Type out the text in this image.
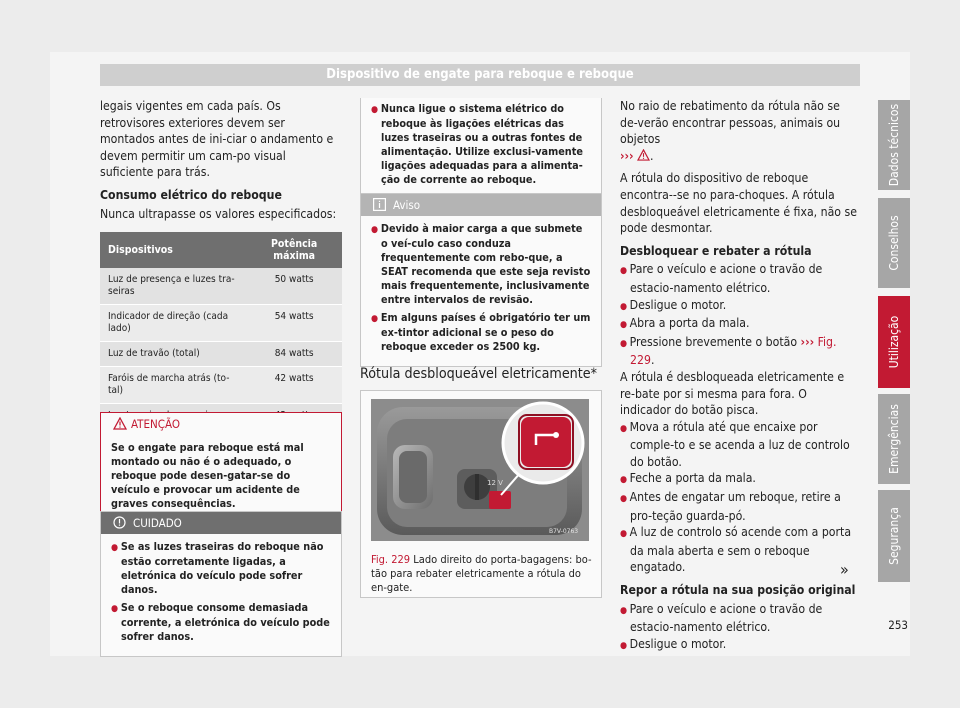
Dispositivo de engate para reboque e reboque

legais vigentes em cada país. Os retrovisores exteriores devem ser montados antes de ini-ciar o andamento e devem permitir um cam-po visual suficiente para trás.

Consumo elétrico do reboque

Nunca ultrapasse os valores especificados:

Dispositivos	Potência máxima
Luz de presença e luzes tra-seiras	50 watts
Indicador de direção (cada lado)	54 watts
Luz de travão (total)	84 watts
Faróis de marcha atrás (to-tal)	42 watts

ATENÇÃO

Se o engate para reboque está mal montado ou não é o adequado, o reboque pode desen-gatar-se do veículo e provocar um acidente de graves consequências.

CUIDADO

● Se as luzes traseiras do reboque não estão corretamente ligadas, a eletrónica do veículo pode sofrer danos.

● Se o reboque consome demasiada corrente, a eletrónica do veículo pode sofrer danos.

● Nunca ligue o sistema elétrico do reboque às ligações elétricas das luzes traseiras ou a outras fontes de alimentação. Utilize exclusi-vamente ligações adequadas para a alimenta-ção de corrente ao reboque.

Aviso

● Devido à maior carga a que submete o veí-culo caso conduza frequentemente com rebo-que, a SEAT recomenda que este seja revisto mais frequentemente, inclusivamente entre intervalos de revisão.

● Em alguns países é obrigatório ter um ex-tintor adicional se o peso do reboque exceder os 2500 kg.

Rótula desbloqueável eletricamente*
12 V
B7V-0763
Fig. 229 Lado direito do porta-bagagens: bo-tão para rebater eletricamente a rótula do en-gate.

No raio de rebatimento da rótula não se de-verão encontrar pessoas, animais ou objetos
››› .

A rótula do dispositivo de reboque encontra--se no para-choques. A rótula desbloqueável eletricamente é fixa, não se pode desmontar.

Desbloquear e rebater a rótula

● Pare o veículo e acione o travão de estacio-namento elétrico.

● Desligue o motor.

● Abra a porta da mala.

● Pressione brevemente o botão ››› Fig. 229.

A rótula é desbloqueada eletricamente e re-bate por si mesma para fora. O indicador do botão pisca.

● Mova a rótula até que encaixe por comple-to e se acenda a luz de controlo do botão.

● Feche a porta da mala.

● Antes de engatar um reboque, retire a pro-teção guarda-pó.

● A luz de controlo só acende com a porta da mala aberta e sem o reboque engatado.

Repor a rótula na sua posição original

● Pare o veículo e acione o travão de estacio-namento elétrico.

● Desligue o motor.

»
Dados técnicos
Conselhos
Utilização
Emergências
Segurança
253
